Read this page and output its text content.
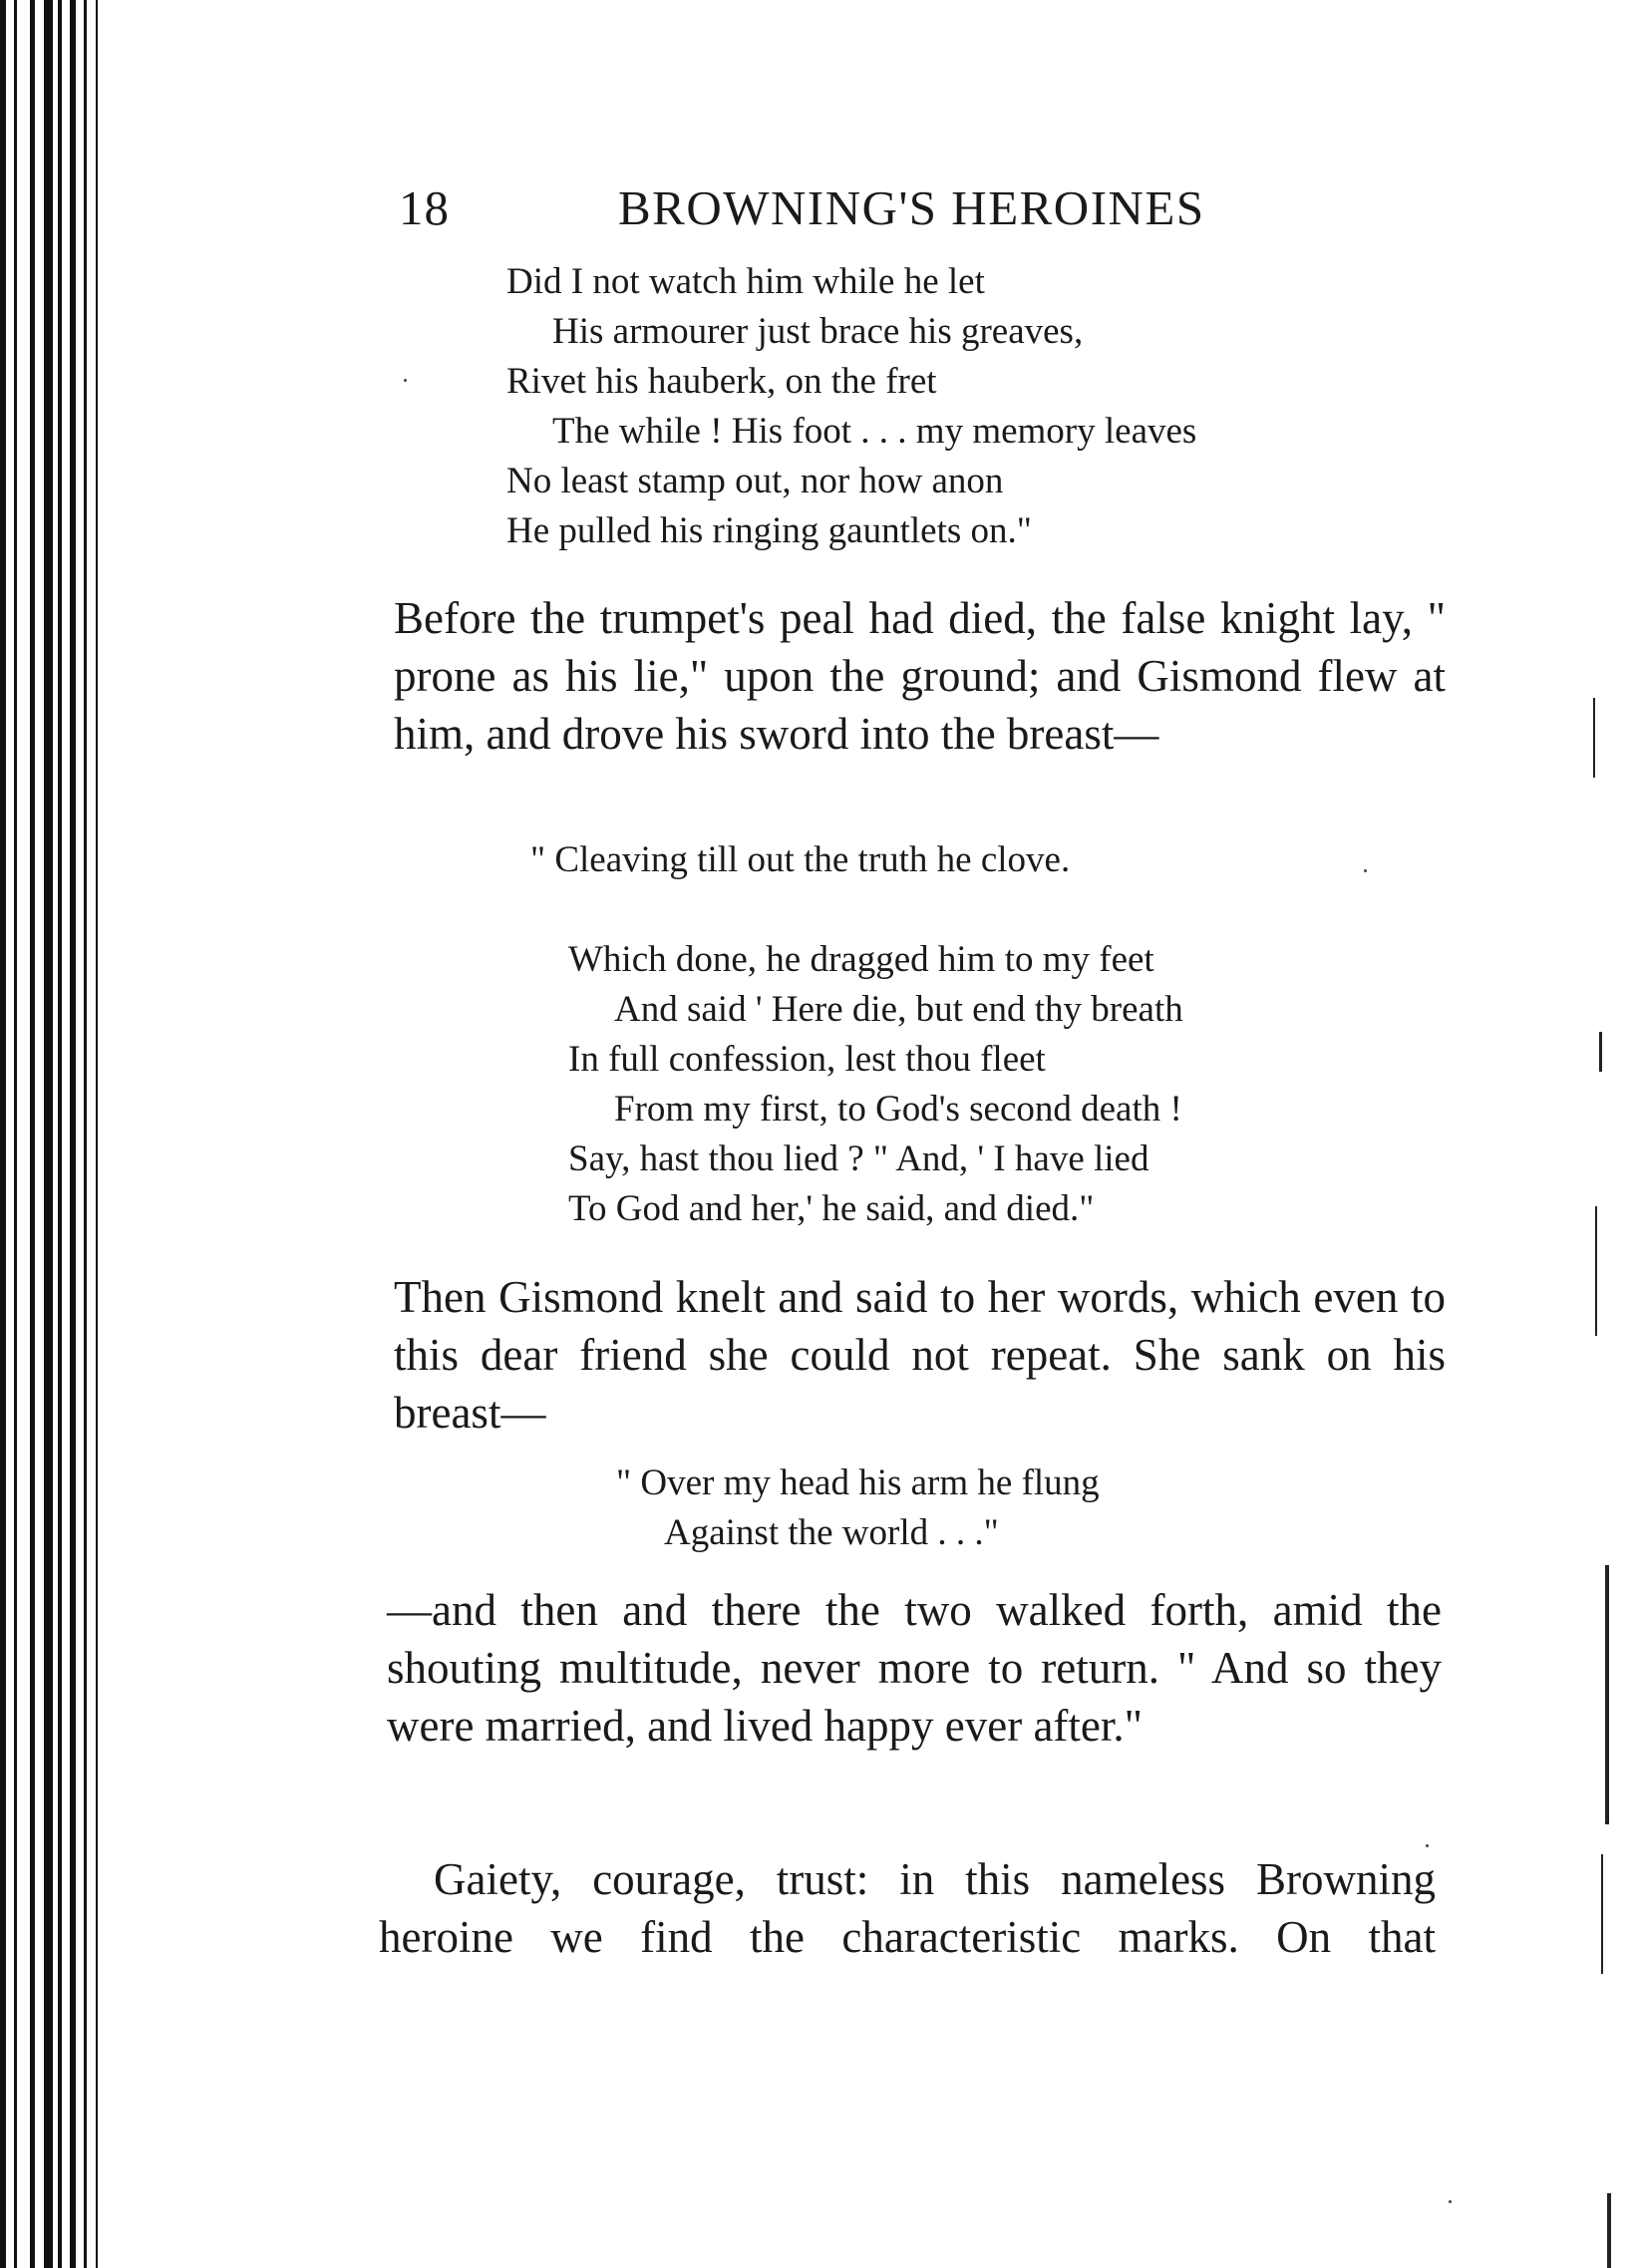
18	BROWNING'S HEROINES
Did I not watch him while he let
His armourer just brace his greaves,
Rivet his hauberk, on the fret
The while ! His foot . . . my memory leaves
No least stamp out, nor how anon
He pulled his ringing gauntlets on."

Before the trumpet's peal had died, the false knight lay, " prone as his lie," upon the ground; and Gismond flew at him, and drove his sword into the breast—

" Cleaving till out the truth he clove.
Which done, he dragged him to my feet
And said ' Here die, but end thy breath
In full confession, lest thou fleet
From my first, to God's second death !
Say, hast thou lied ? " And, ' I have lied
To God and her,' he said, and died."

Then Gismond knelt and said to her words, which even to this dear friend she could not repeat. She sank on his breast—

" Over my head his arm he flung
Against the world . . ."

—and then and there the two walked forth, amid the shouting multitude, never more to return. " And so they were married, and lived happy ever after."

Gaiety, courage, trust: in this nameless Browning
heroine we find the characteristic marks. On that
